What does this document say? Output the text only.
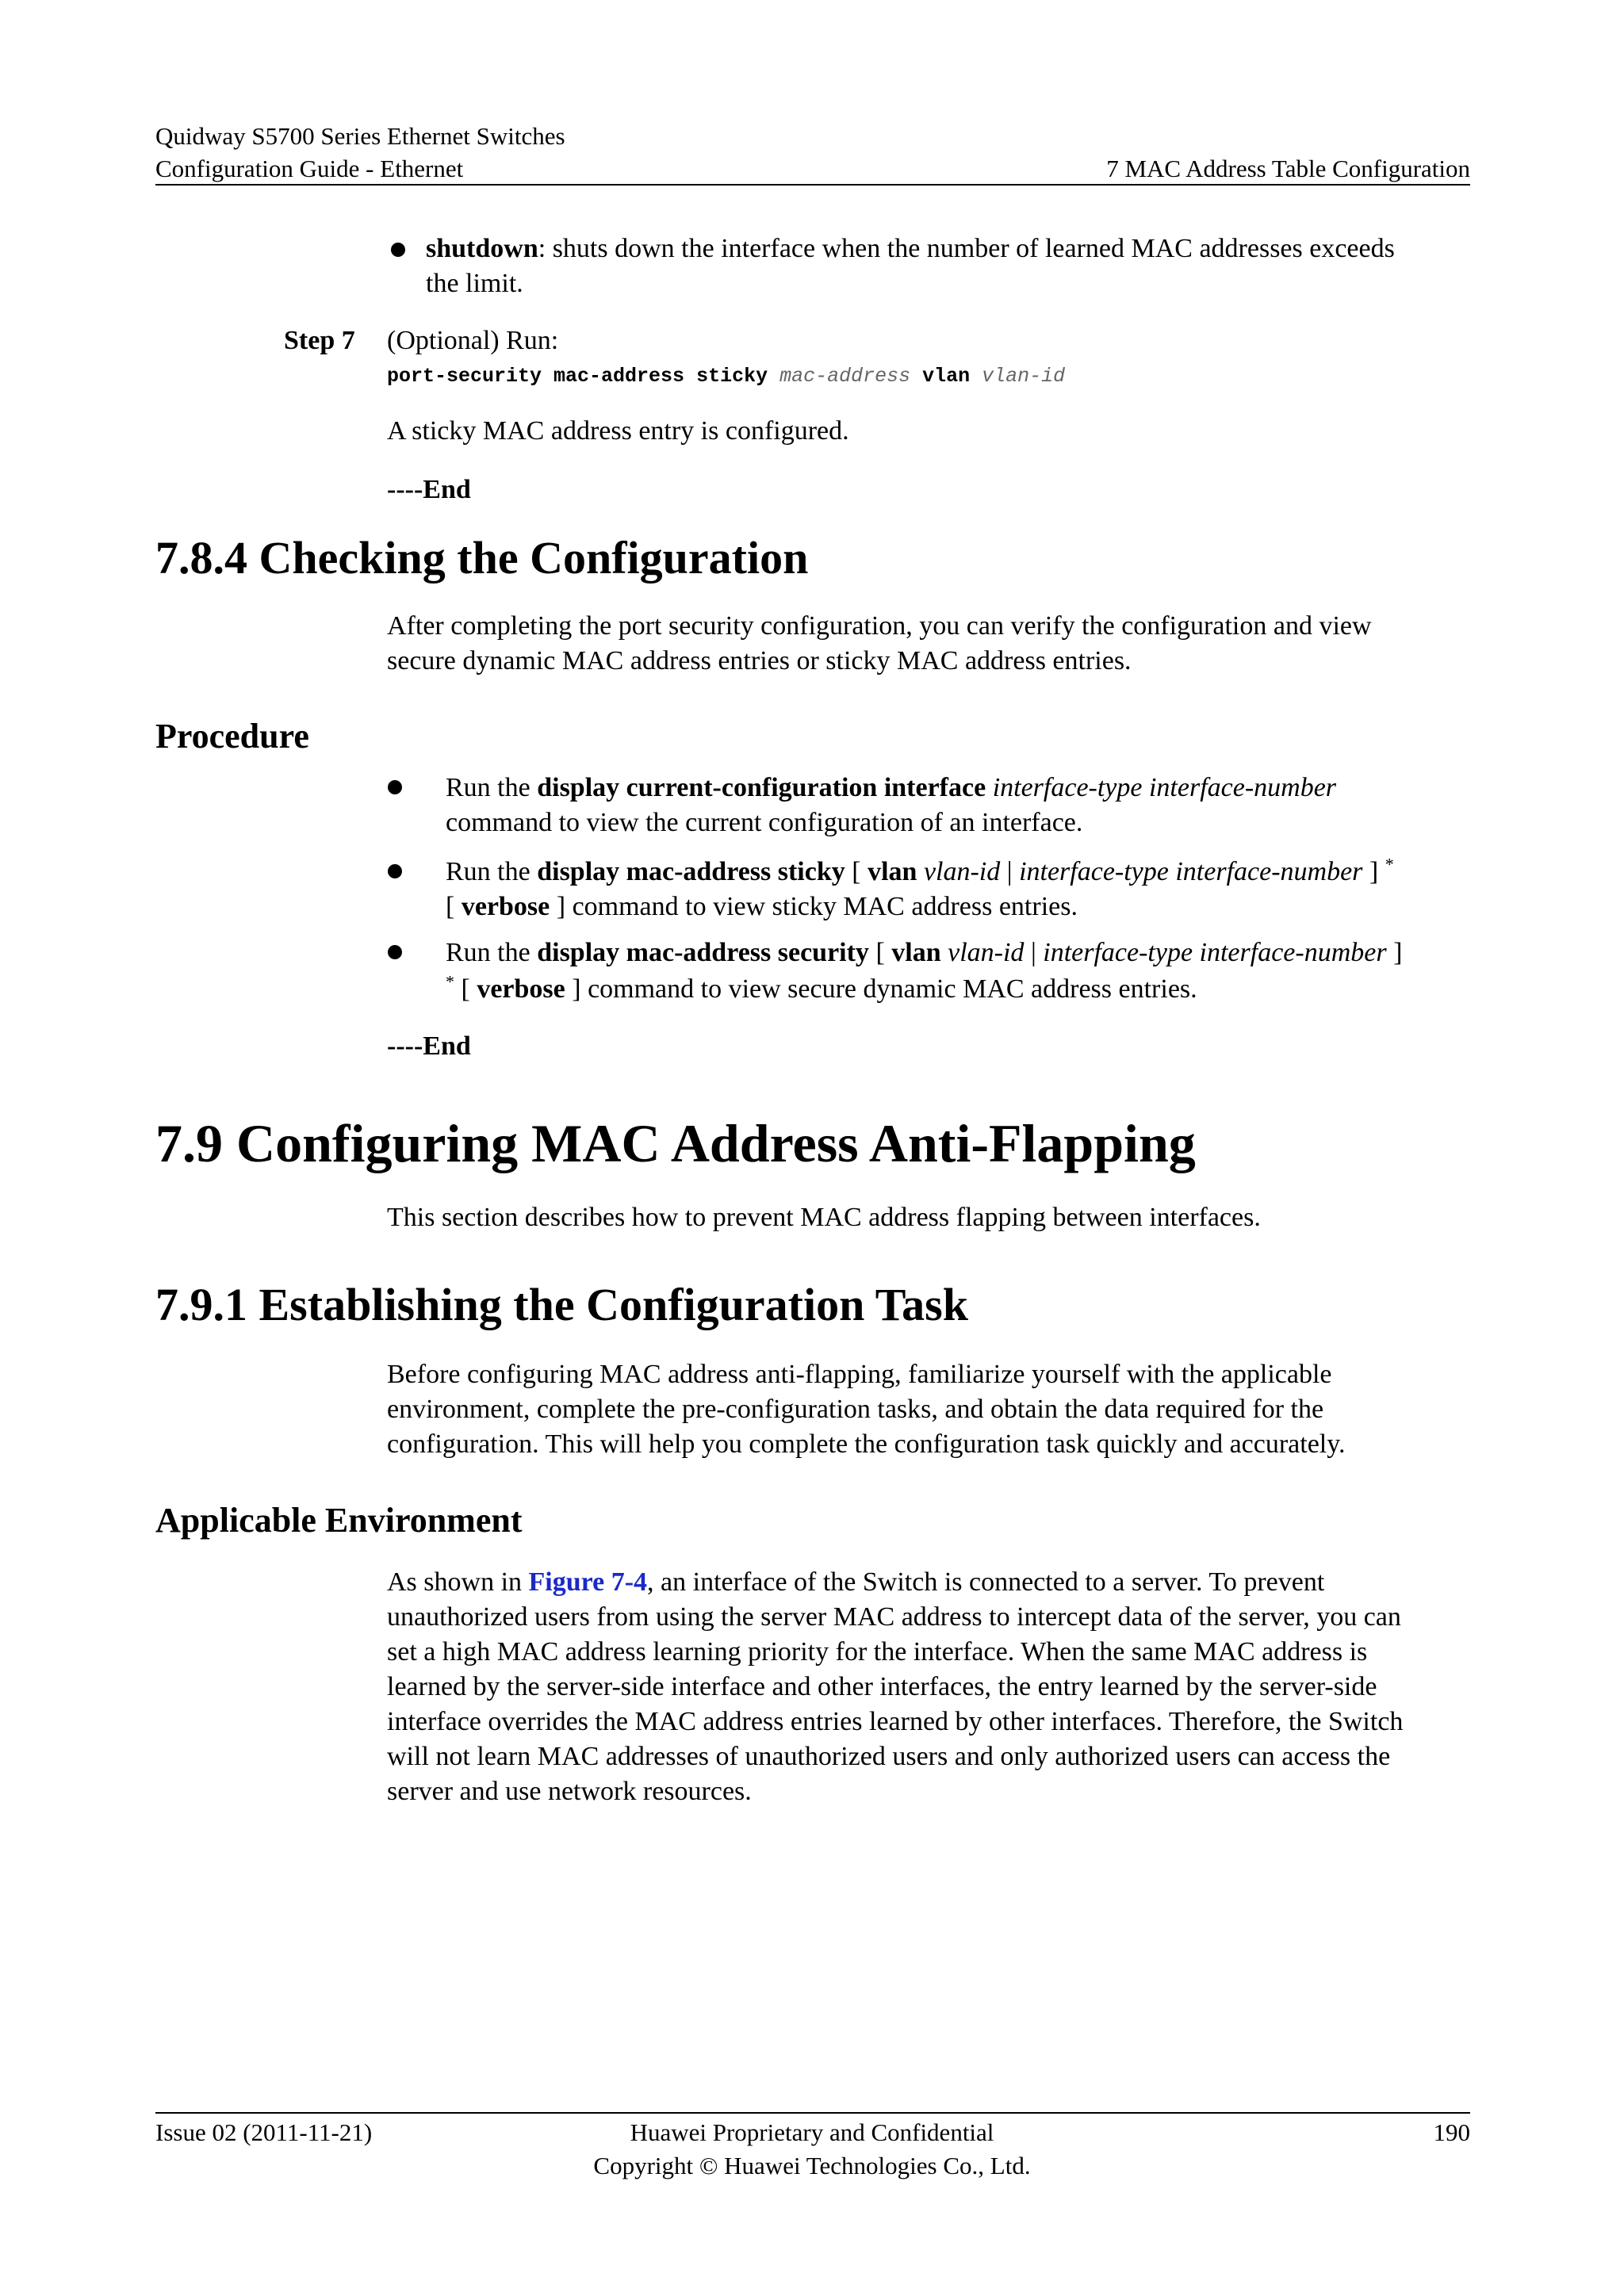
Quidway S5700 Series Ethernet Switches
Configuration Guide - Ethernet	7 MAC Address Table Configuration
shutdown: shuts down the interface when the number of learned MAC addresses exceeds
the limit.
Step 7 (Optional) Run:
port-security mac-address sticky mac-address vlan vlan-id
A sticky MAC address entry is configured.
----End
7.8.4 Checking the Configuration
After completing the port security configuration, you can verify the configuration and view
secure dynamic MAC address entries or sticky MAC address entries.
Procedure
Run the display current-configuration interface interface-type interface-number
command to view the current configuration of an interface.
Run the display mac-address sticky [ vlan vlan-id | interface-type interface-number ] *
[ verbose ] command to view sticky MAC address entries.
Run the display mac-address security [ vlan vlan-id | interface-type interface-number ]
* [ verbose ] command to view secure dynamic MAC address entries.
----End
7.9 Configuring MAC Address Anti-Flapping
This section describes how to prevent MAC address flapping between interfaces.
7.9.1 Establishing the Configuration Task
Before configuring MAC address anti-flapping, familiarize yourself with the applicable
environment, complete the pre-configuration tasks, and obtain the data required for the
configuration. This will help you complete the configuration task quickly and accurately.
Applicable Environment
As shown in Figure 7-4, an interface of the Switch is connected to a server. To prevent
unauthorized users from using the server MAC address to intercept data of the server, you can
set a high MAC address learning priority for the interface. When the same MAC address is
learned by the server-side interface and other interfaces, the entry learned by the server-side
interface overrides the MAC address entries learned by other interfaces. Therefore, the Switch
will not learn MAC addresses of unauthorized users and only authorized users can access the
server and use network resources.
Issue 02 (2011-11-21)	Huawei Proprietary and Confidential	190
Copyright © Huawei Technologies Co., Ltd.
